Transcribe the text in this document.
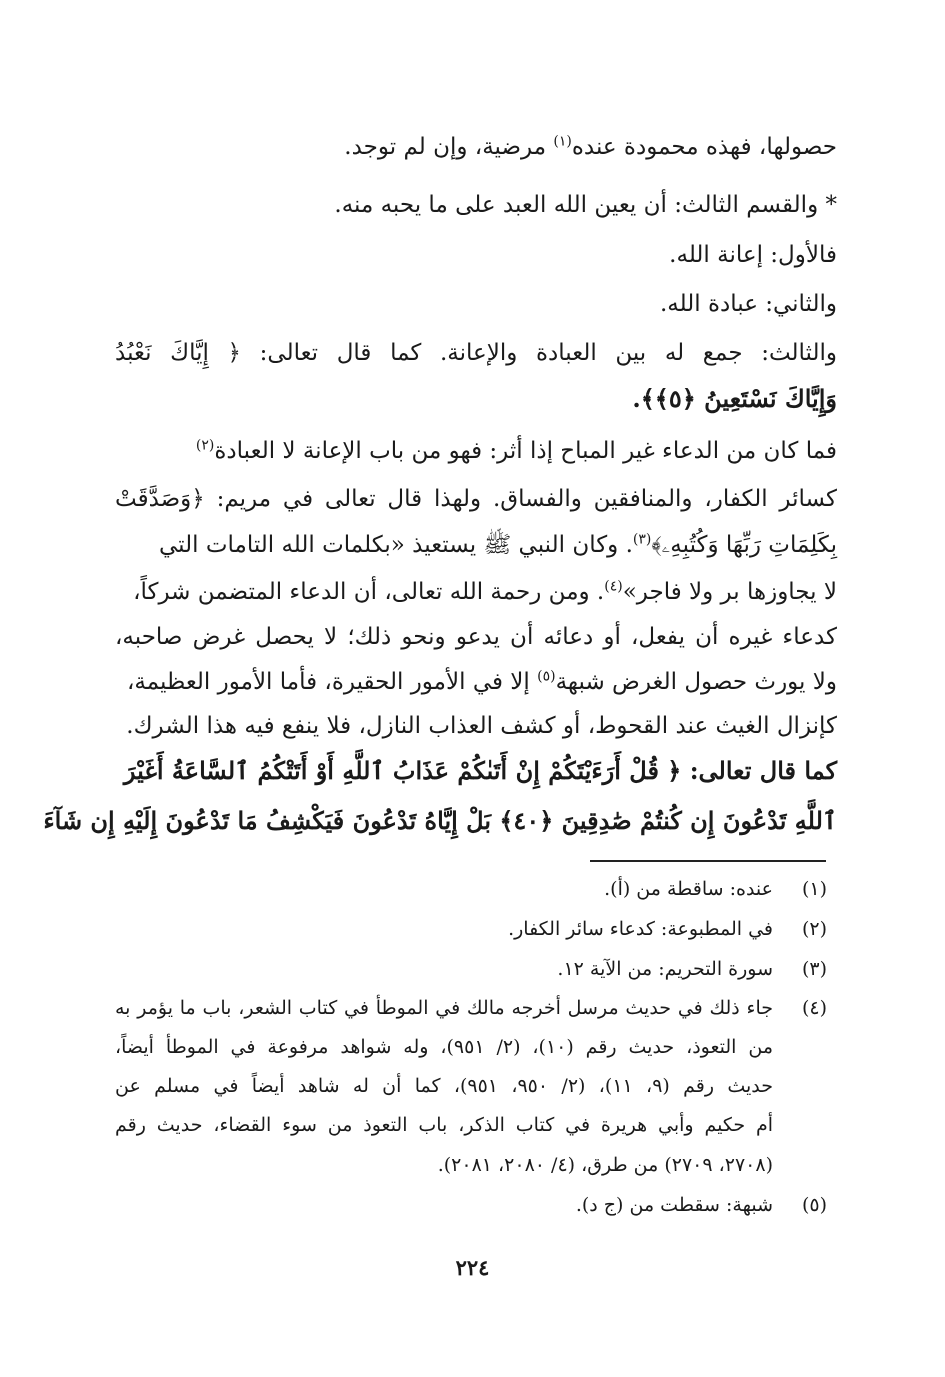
حصولها، فهذه محمودة عنده$^{(١)}$ مرضية، وإن لم توجد.
* والقسم الثالث: أن يعين الله العبد على ما يحبه منه.
فالأول: إعانة الله.
والثاني: عبادة الله.
والثالث: جمع له بين العبادة والإعانة. كما قال تعالى: ﴿ إِيَّاكَ نَعْبُدُ
وَإِيَّاكَ نَسْتَعِينُ ﴿٥﴾﴾.
فما كان من الدعاء غير المباح إذا أثر: فهو من باب الإعانة لا العبادة$^{(٢)}$
كسائر الكفار، والمنافقين والفساق. ولهذا قال تعالى في مريم: ﴿وَصَدَّقَتْ
بِكَلِمَاتِ رَبِّهَا وَكُتُبِهِۦ﴾$^{(٣)}$. وكان النبي ﷺ يستعيذ «بكلمات الله التامات التي
لا يجاوزها بر ولا فاجر»$^{(٤)}$. ومن رحمة الله تعالى، أن الدعاء المتضمن شركاً،
كدعاء غيره أن يفعل، أو دعائه أن يدعو ونحو ذلك؛ لا يحصل غرض صاحبه،
ولا يورث حصول الغرض شبهة$^{(٥)}$ إلا في الأمور الحقيرة، فأما الأمور العظيمة،
كإنزال الغيث عند القحوط، أو كشف العذاب النازل، فلا ينفع فيه هذا الشرك.
كما قال تعالى: ﴿ قُلْ أَرَءَيْتَكُمْ إِنْ أَتَىٰكُمْ عَذَابُ ٱللَّهِ أَوْ أَتَتْكُمُ ٱلسَّاعَةُ أَغَيْرَ
ٱللَّهِ تَدْعُونَ إِن كُنتُمْ صَٰدِقِينَ ﴿٤٠﴾ بَلْ إِيَّاهُ تَدْعُونَ فَيَكْشِفُ مَا تَدْعُونَ إِلَيْهِ إِن شَآءَ
(١)
عنده: ساقطة من (أ).
(٢)
في المطبوعة: كدعاء سائر الكفار.
(٣)
سورة التحريم: من الآية ١٢.
(٤)
جاء ذلك في حديث مرسل أخرجه مالك في الموطأ في كتاب الشعر، باب ما يؤمر به
من التعوذ، حديث رقم (١٠)، (٢/ ٩٥١)، وله شواهد مرفوعة في الموطأ أيضاً،
حديث رقم (٩، ١١)، (٢/ ٩٥٠، ٩٥١)، كما أن له شاهد أيضاً في مسلم عن
أم حكيم وأبي هريرة في كتاب الذكر، باب التعوذ من سوء القضاء، حديث رقم
(٢٧٠٨، ٢٧٠٩) من طرق، (٤/ ٢٠٨٠، ٢٠٨١).
(٥)
شبهة: سقطت من (ج د).
٢٢٤
